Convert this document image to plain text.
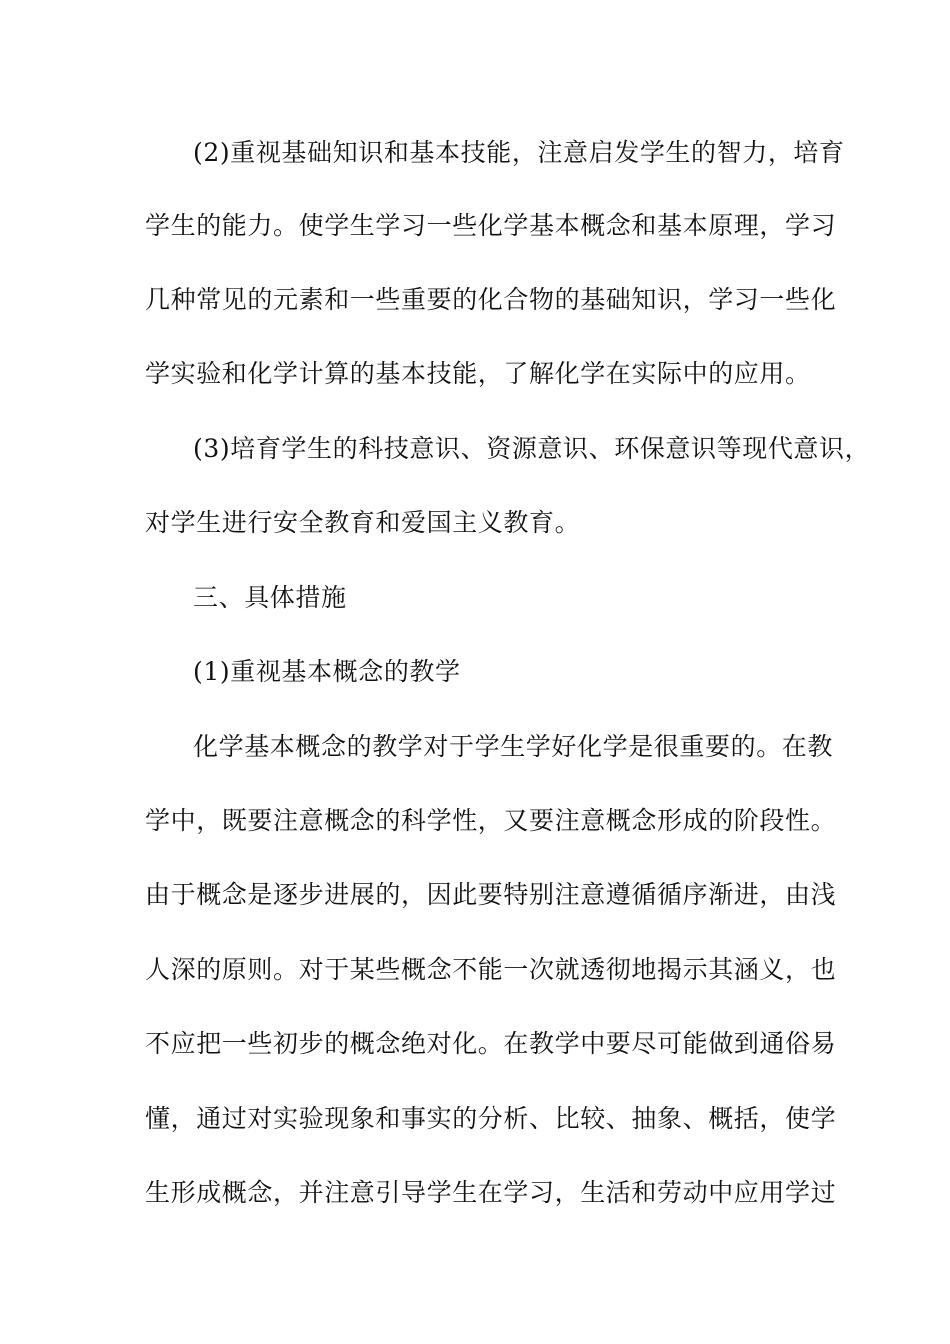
(2)重视基础知识和基本技能，注意启发学生的智力，培育
学生的能力。使学生学习一些化学基本概念和基本原理，学习
几种常见的元素和一些重要的化合物的基础知识，学习一些化
学实验和化学计算的基本技能，了解化学在实际中的应用。
(3)培育学生的科技意识、资源意识、环保意识等现代意识，
对学生进行安全教育和爱国主义教育。
三、具体措施
(1)重视基本概念的教学
化学基本概念的教学对于学生学好化学是很重要的。在教
学中，既要注意概念的科学性，又要注意概念形成的阶段性。
由于概念是逐步进展的，因此要特别注意遵循循序渐进，由浅
人深的原则。对于某些概念不能一次就透彻地揭示其涵义，也
不应把一些初步的概念绝对化。在教学中要尽可能做到通俗易
懂，通过对实验现象和事实的分析、比较、抽象、概括，使学
生形成概念，并注意引导学生在学习，生活和劳动中应用学过
